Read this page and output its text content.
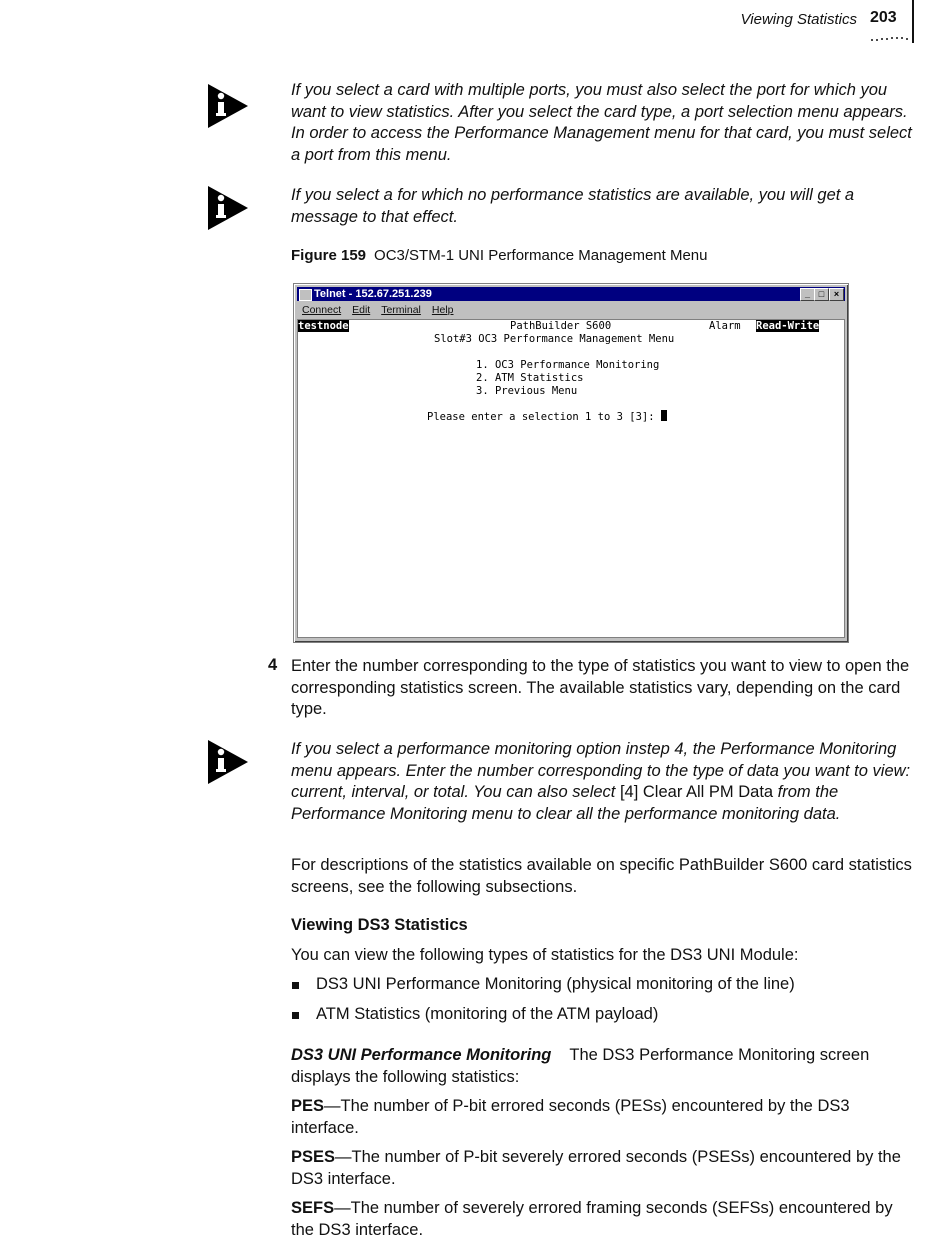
Viewing Statistics 203

If you select a card with multiple ports, you must also select the port for which you want to view statistics. After you select the card type, a port selection menu appears. In order to access the Performance Management menu for that card, you must select a port from this menu.

If you select a for which no performance statistics are available, you will get a message to that effect.

Figure 159 OC3/STM-1 UNI Performance Management Menu
Telnet - 152.67.251.239	_ □	×
Connect Edit Terminal Help
testnode	PathBuilder S600	Alarm Read-Write
Slot#3 OC3 Performance Management Menu
1. OC3 Performance Monitoring
2. ATM Statistics
3. Previous Menu
Please enter a selection 1 to 3 [3]:
4 Enter the number corresponding to the type of statistics you want to view to open the corresponding statistics screen. The available statistics vary, depending on the card type.

If you select a performance monitoring option instep 4, the Performance Monitoring menu appears. Enter the number corresponding to the type of data you want to view: current, interval, or total. You can also select [4] Clear All PM Data from the Performance Monitoring menu to clear all the performance monitoring data.

For descriptions of the statistics available on specific PathBuilder S600 card statistics screens, see the following subsections.

Viewing DS3 Statistics

You can view the following types of statistics for the DS3 UNI Module:

DS3 UNI Performance Monitoring (physical monitoring of the line)
ATM Statistics (monitoring of the ATM payload)

DS3 UNI Performance Monitoring The DS3 Performance Monitoring screen displays the following statistics:

PES—The number of P-bit errored seconds (PESs) encountered by the DS3 interface.

PSES—The number of P-bit severely errored seconds (PSESs) encountered by the DS3 interface.

SEFS—The number of severely errored framing seconds (SEFSs) encountered by the DS3 interface.
